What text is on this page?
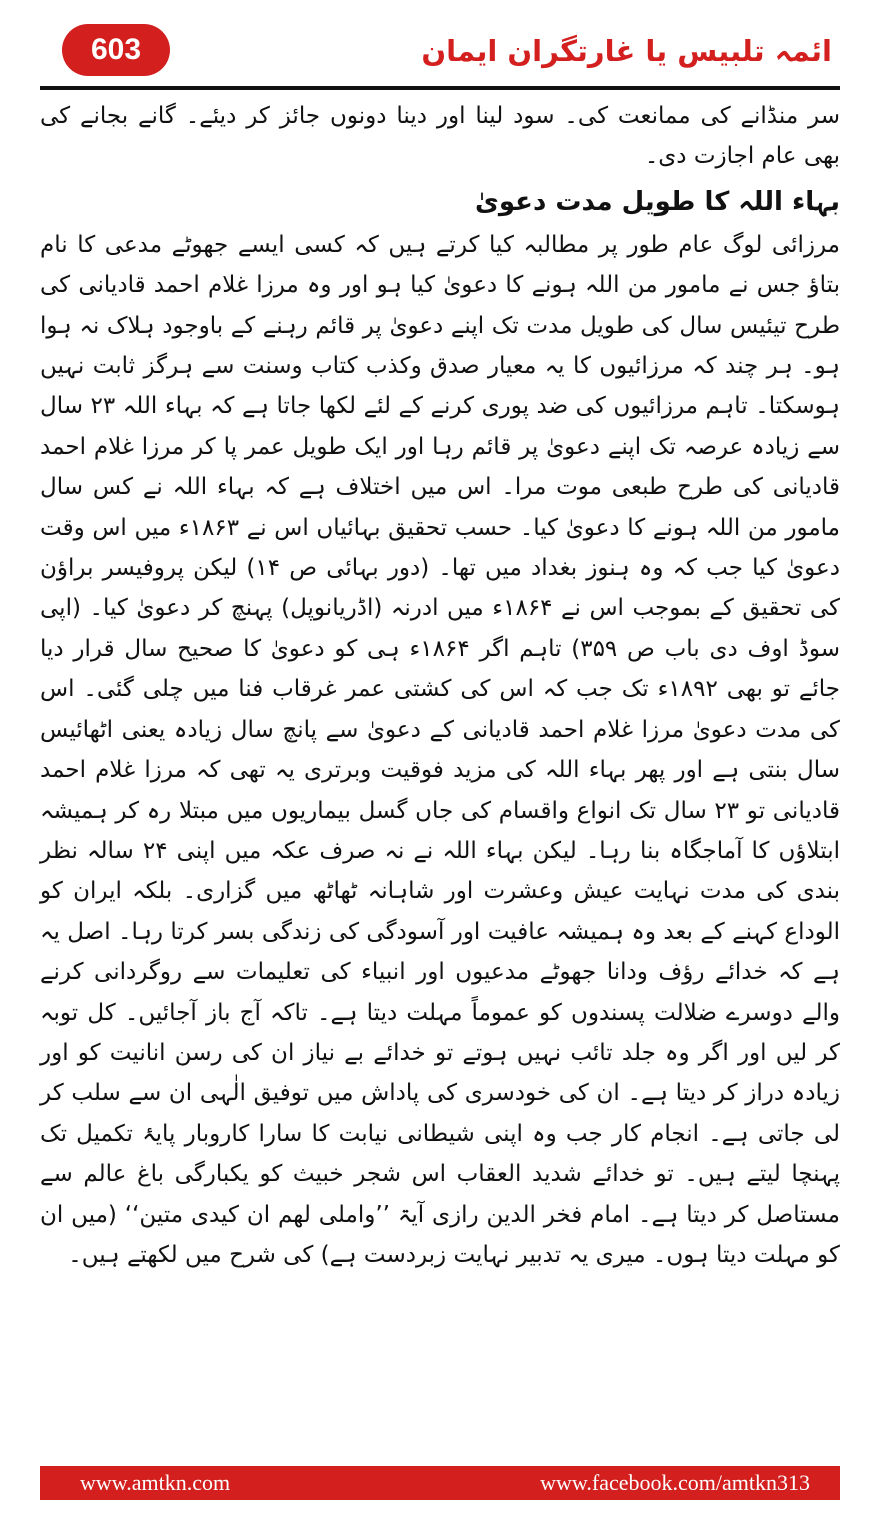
603	ائمہ تلبیس یا غارتگران ایمان

سر منڈانے کی ممانعت کی۔ سود لینا اور دینا دونوں جائز کر دیئے۔ گانے بجانے کی بھی عام اجازت دی۔

بہاء اللہ کا طویل مدت دعویٰ

مرزائی لوگ عام طور پر مطالبہ کیا کرتے ہیں کہ کسی ایسے جھوٹے مدعی کا نام بتاؤ جس نے مامور من اللہ ہونے کا دعویٰ کیا ہو اور وہ مرزا غلام احمد قادیانی کی طرح تیئیس سال کی طویل مدت تک اپنے دعویٰ پر قائم رہنے کے باوجود ہلاک نہ ہوا ہو۔ ہر چند کہ مرزائیوں کا یہ معیار صدق وکذب کتاب وسنت سے ہرگز ثابت نہیں ہوسکتا۔ تاہم مرزائیوں کی ضد پوری کرنے کے لئے لکھا جاتا ہے کہ بہاء اللہ ۲۳ سال سے زیادہ عرصہ تک اپنے دعویٰ پر قائم رہا اور ایک طویل عمر پا کر مرزا غلام احمد قادیانی کی طرح طبعی موت مرا۔ اس میں اختلاف ہے کہ بہاء اللہ نے کس سال مامور من اللہ ہونے کا دعویٰ کیا۔ حسب تحقیق بہائیاں اس نے ۱۸۶۳ء میں اس وقت دعویٰ کیا جب کہ وہ ہنوز بغداد میں تھا۔ (دور بہائی ص ۱۴) لیکن پروفیسر براؤن کی تحقیق کے بموجب اس نے ۱۸۶۴ء میں ادرنہ (اڈریانوپل) پہنچ کر دعویٰ کیا۔ (اپی سوڈ اوف دی باب ص ۳۵۹) تاہم اگر ۱۸۶۴ء ہی کو دعویٰ کا صحیح سال قرار دیا جائے تو بھی ۱۸۹۲ء تک جب کہ اس کی کشتی عمر غرقاب فنا میں چلی گئی۔ اس کی مدت دعویٰ مرزا غلام احمد قادیانی کے دعویٰ سے پانچ سال زیادہ یعنی اٹھائیس سال بنتی ہے اور پھر بہاء اللہ کی مزید فوقیت وبرتری یہ تھی کہ مرزا غلام احمد قادیانی تو ۲۳ سال تک انواع واقسام کی جاں گسل بیماریوں میں مبتلا رہ کر ہمیشہ ابتلاؤں کا آماجگاہ بنا رہا۔ لیکن بہاء اللہ نے نہ صرف عکہ میں اپنی ۲۴ سالہ نظر بندی کی مدت نہایت عیش وعشرت اور شاہانہ ٹھاٹھ میں گزاری۔ بلکہ ایران کو الوداع کہنے کے بعد وہ ہمیشہ عافیت اور آسودگی کی زندگی بسر کرتا رہا۔ اصل یہ ہے کہ خدائے رؤف ودانا جھوٹے مدعیوں اور انبیاء کی تعلیمات سے روگردانی کرنے والے دوسرے ضلالت پسندوں کو عموماً مہلت دیتا ہے۔ تاکہ آج باز آجائیں۔ کل توبہ کر لیں اور اگر وہ جلد تائب نہیں ہوتے تو خدائے بے نیاز ان کی رسن انانیت کو اور زیادہ دراز کر دیتا ہے۔ ان کی خودسری کی پاداش میں توفیق الٰہی ان سے سلب کر لی جاتی ہے۔ انجام کار جب وہ اپنی شیطانی نیابت کا سارا کاروبار پایۂ تکمیل تک پہنچا لیتے ہیں۔ تو خدائے شدید العقاب اس شجر خبیث کو یکبارگی باغ عالم سے مستاصل کر دیتا ہے۔ امام فخر الدین رازی آیۃ ’’واملی لھم ان کیدی متین‘‘ (میں ان کو مہلت دیتا ہوں۔ میری یہ تدبیر نہایت زبردست ہے) کی شرح میں لکھتے ہیں۔

www.amtkn.com	www.facebook.com/amtkn313
